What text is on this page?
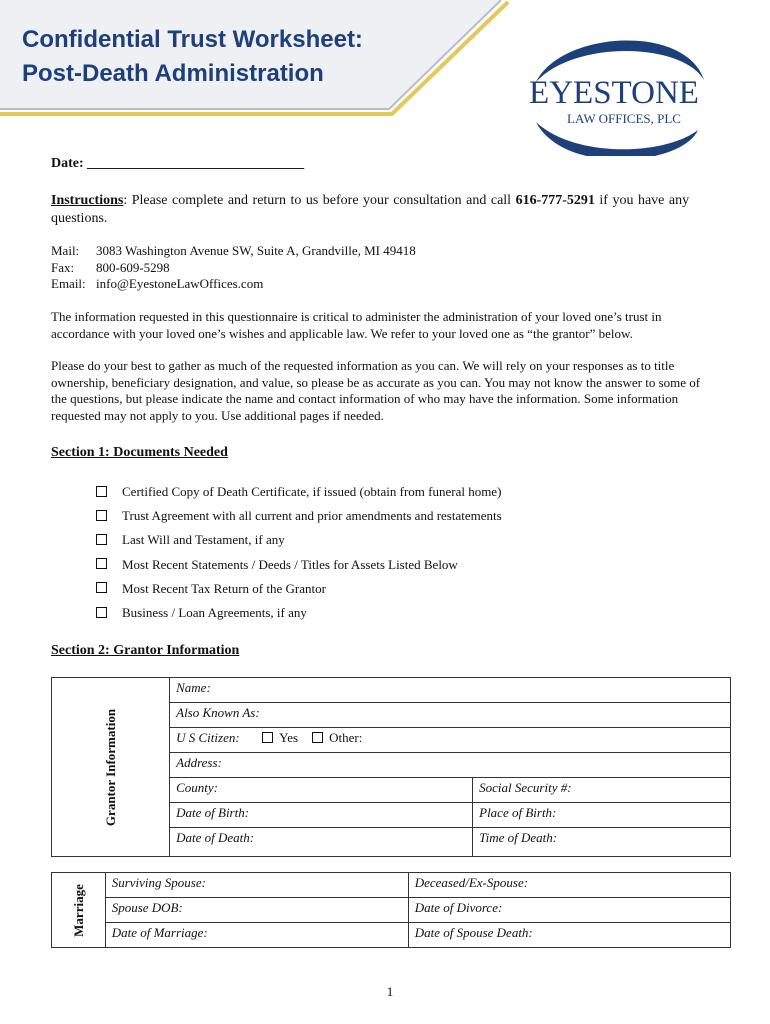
Confidential Trust Worksheet:
Post-Death Administration
EYESTONE
LAW OFFICES, PLC
Date: _______________________________
Instructions: Please complete and return to us before your consultation and call 616-777-5291 if you have any questions.
Mail: 3083 Washington Avenue SW, Suite A, Grandville, MI 49418
Fax: 800-609-5298
Email: info@EyestoneLawOffices.com
The information requested in this questionnaire is critical to administer the administration of your loved one’s trust in accordance with your loved one’s wishes and applicable law. We refer to your loved one as “the grantor” below.
Please do your best to gather as much of the requested information as you can. We will rely on your responses as to title ownership, beneficiary designation, and value, so please be as accurate as you can. You may not know the answer to some of the questions, but please indicate the name and contact information of who may have the information. Some information requested may not apply to you. Use additional pages if needed.
Section 1: Documents Needed
Certified Copy of Death Certificate, if issued (obtain from funeral home)
Trust Agreement with all current and prior amendments and restatements
Last Will and Testament, if any
Most Recent Statements / Deeds / Titles for Assets Listed Below
Most Recent Tax Return of the Grantor
Business / Loan Agreements, if any
Section 2: Grantor Information
Grantor Information	Name:	
	Also Known As:	
	U S Citizen: Yes Other:	
	Address:	
	County:	Social Security #:
	Date of Birth:	Place of Birth:
	Date of Death:	Time of Death:
Marriage	Surviving Spouse:	Deceased/Ex-Spouse:
	Spouse DOB:	Date of Divorce:
	Date of Marriage:	Date of Spouse Death:
1
